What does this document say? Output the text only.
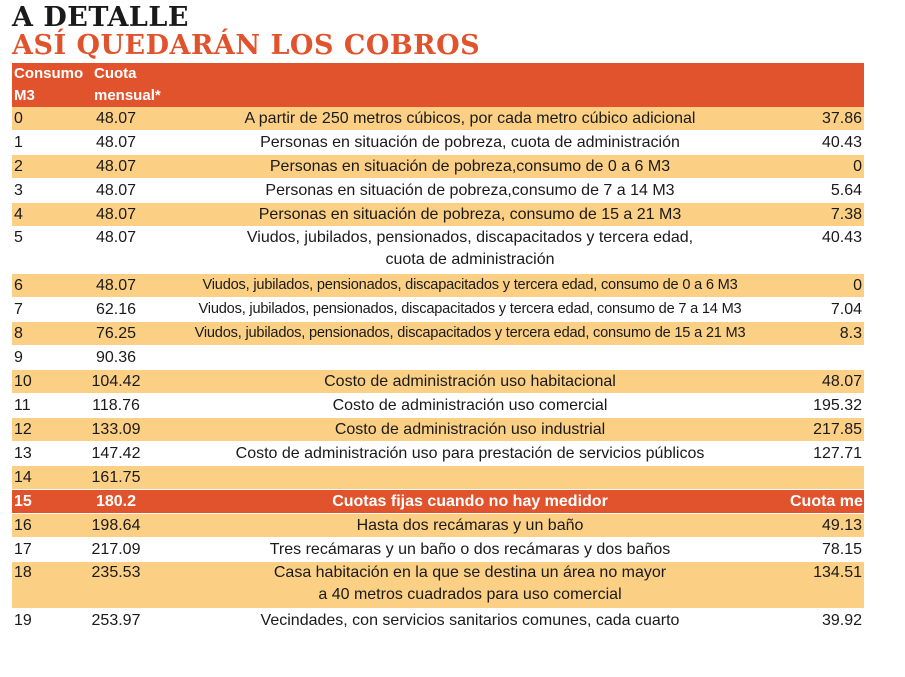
A DETALLE
ASÍ QUEDARÁN LOS COBROS
Consumo	Cuota		
M3	mensual*		
0	48.07	A partir de 250 metros cúbicos, por cada metro cúbico adicional	37.86
1	48.07	Personas en situación de pobreza, cuota de administración	40.43
2	48.07	Personas en situación de pobreza,consumo de 0 a 6 M3	0
3	48.07	Personas en situación de pobreza,consumo de 7 a 14 M3	5.64
4	48.07	Personas en situación de pobreza, consumo de 15 a 21 M3	7.38
5	48.07	Viudos, jubilados, pensionados, discapacitados y tercera edad,
cuota de administración	40.43
6	48.07	Viudos, jubilados, pensionados, discapacitados y tercera edad, consumo de 0 a 6 M3	0
7	62.16	Viudos, jubilados, pensionados, discapacitados y tercera edad, consumo de 7 a 14 M3	7.04
8	76.25	Viudos, jubilados, pensionados, discapacitados y tercera edad, consumo de 15 a 21 M3	8.3
9	90.36	

10	104.42	Costo de administración uso habitacional	48.07
11	118.76	Costo de administración uso comercial	195.32
12	133.09	Costo de administración uso industrial	217.85
13	147.42	Costo de administración uso para prestación de servicios públicos	127.71
14	161.75	

15	180.2	Cuotas fijas cuando no hay medidor	Cuota mensual
16	198.64	Hasta dos recámaras y un baño	49.13
17	217.09	Tres recámaras y un baño o dos recámaras y dos baños	78.15
18	235.53	Casa habitación en la que se destina un área no mayor
a 40 metros cuadrados para uso comercial	134.51
19	253.97	Vecindades, con servicios sanitarios comunes, cada cuarto	39.92
